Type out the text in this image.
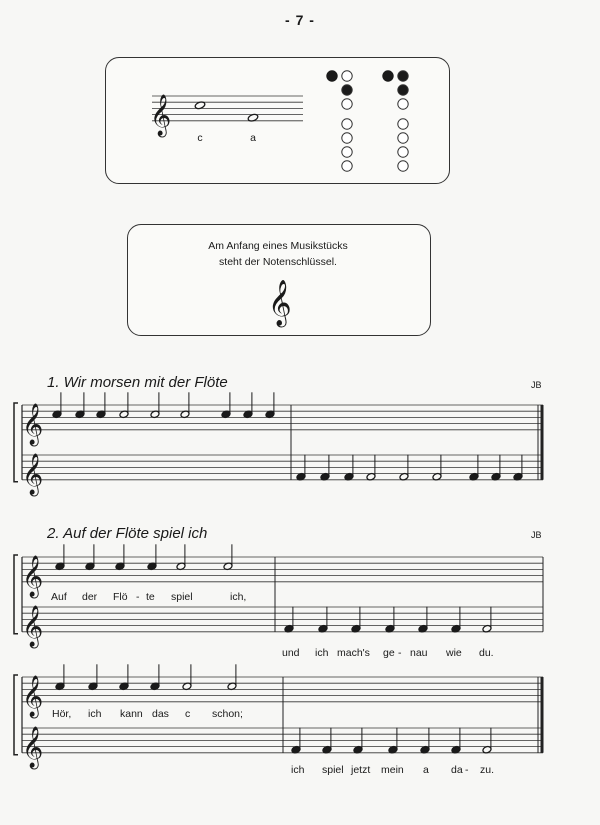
- 7 -
c	a
Am Anfang eines Musikstücks
steht der Notenschlüssel.
1. Wir morsen mit der Flöte	JB
2. Auf der Flöte spiel ich	JB
Auf der Flö - te spiel	ich,
und ich mach's ge - nau wie du.
Hör, ich kann das c schon;
ich spiel jetzt mein a da - zu.
𝄞
𝄞
𝄞
𝄞
𝄞
𝄞
𝄞
𝄞
